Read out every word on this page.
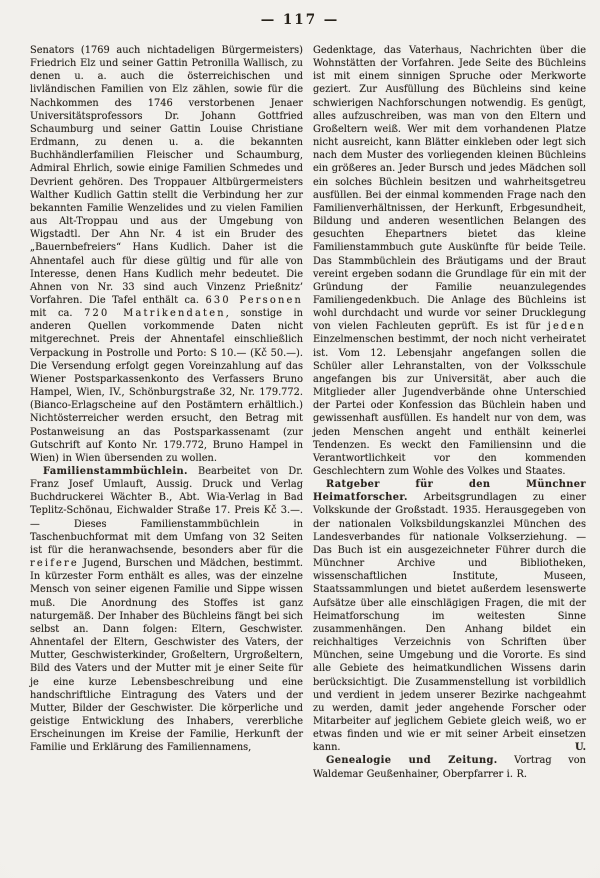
— 117 —

Senators (1769 auch nichtadeligen Bürgermeisters) Friedrich Elz und seiner Gattin Petronilla Wallisch, zu denen u. a. auch die österreichischen und livländischen Familien von Elz zählen, sowie für die Nachkommen des 1746 verstorbenen Jenaer Universitätsprofessors Dr. Johann Gottfried Schaumburg und seiner Gattin Louise Christiane Erdmann, zu denen u. a. die bekannten Buchhändlerfamilien Fleischer und Schaumburg, Admiral Ehrlich, sowie einige Familien Schmedes und Devrient gehören. Des Troppauer Altbürgermeisters Walther Kudlich Gattin stellt die Verbindung her zur bekannten Familie Wenzelides und zu vielen Familien aus Alt-Troppau und aus der Umgebung von Wigstadtl. Der Ahn Nr. 4 ist ein Bruder des „Bauernbefreiers“ Hans Kudlich. Daher ist die Ahnentafel auch für diese gültig und für alle von Interesse, denen Hans Kudlich mehr bedeutet. Die Ahnen von Nr. 33 sind auch Vinzenz Prießnitz’ Vorfahren. Die Tafel enthält ca. 630 Personen mit ca. 720 Matrikendaten, sonstige in anderen Quellen vorkommende Daten nicht mitgerechnet. Preis der Ahnentafel einschließlich Verpackung in Postrolle und Porto: S 10.— (Kč 50.—). Die Versendung erfolgt gegen Voreinzahlung auf das Wiener Postsparkassenkonto des Verfassers Bruno Hampel, Wien, IV., Schönburgstraße 32, Nr. 179.772. (Bianco-Erlagscheine auf den Postämtern erhältlich.) Nichtösterreicher werden ersucht, den Betrag mit Postanweisung an das Postsparkassenamt (zur Gutschrift auf Konto Nr. 179.772, Bruno Hampel in Wien) in Wien übersenden zu wollen.

Familienstammbüchlein. Bearbeitet von Dr. Franz Josef Umlauft, Aussig. Druck und Verlag Buchdruckerei Wächter B., Abt. Wia-Verlag in Bad Teplitz-Schönau, Eichwalder Straße 17. Preis Kč 3.—. — Dieses Familienstammbüchlein in Taschenbuchformat mit dem Umfang von 32 Seiten ist für die heranwachsende, besonders aber für die reifere Jugend, Burschen und Mädchen, bestimmt. In kürzester Form enthält es alles, was der einzelne Mensch von seiner eigenen Familie und Sippe wissen muß. Die Anordnung des Stoffes ist ganz naturgemäß. Der Inhaber des Büchleins fängt bei sich selbst an. Dann folgen: Eltern, Geschwister. Ahnentafel der Eltern, Geschwister des Vaters, der Mutter, Geschwisterkinder, Großeltern, Urgroßeltern, Bild des Vaters und der Mutter mit je einer Seite für je eine kurze Lebensbeschreibung und eine handschriftliche Eintragung des Vaters und der Mutter, Bilder der Geschwister. Die körperliche und geistige Entwicklung des Inhabers, vererbliche Erscheinungen im Kreise der Familie, Herkunft der Familie und Erklärung des Familiennamens,

Gedenktage, das Vaterhaus, Nachrichten über die Wohnstätten der Vorfahren. Jede Seite des Büchleins ist mit einem sinnigen Spruche oder Merkworte geziert. Zur Ausfüllung des Büchleins sind keine schwierigen Nachforschungen notwendig. Es genügt, alles aufzuschreiben, was man von den Eltern und Großeltern weiß. Wer mit dem vorhandenen Platze nicht ausreicht, kann Blätter einkleben oder legt sich nach dem Muster des vorliegenden kleinen Büchleins ein größeres an. Jeder Bursch und jedes Mädchen soll ein solches Büchlein besitzen und wahrheitsgetreu ausfüllen. Bei der einmal kommenden Frage nach den Familienverhältnissen, der Herkunft, Erbgesundheit, Bildung und anderen wesentlichen Belangen des gesuchten Ehepartners bietet das kleine Familienstammbuch gute Auskünfte für beide Teile. Das Stammbüchlein des Bräutigams und der Braut vereint ergeben sodann die Grundlage für ein mit der Gründung der Familie neuanzulegendes Familiengedenkbuch. Die Anlage des Büchleins ist wohl durchdacht und wurde vor seiner Drucklegung von vielen Fachleuten geprüft. Es ist für jeden Einzelmenschen bestimmt, der noch nicht verheiratet ist. Vom 12. Lebensjahr angefangen sollen die Schüler aller Lehranstalten, von der Volksschule angefangen bis zur Universität, aber auch die Mitglieder aller Jugendverbände ohne Unterschied der Partei oder Konfession das Büchlein haben und gewissenhaft ausfüllen. Es handelt nur von dem, was jeden Menschen angeht und enthält keinerlei Tendenzen. Es weckt den Familiensinn und die Verantwortlichkeit vor den kommenden Geschlechtern zum Wohle des Volkes und Staates.

Ratgeber für den Münchner Heimatforscher. Arbeitsgrundlagen zu einer Volkskunde der Großstadt. 1935. Herausgegeben von der nationalen Volksbildungskanzlei München des Landesverbandes für nationale Volkserziehung. — Das Buch ist ein ausgezeichneter Führer durch die Münchner Archive und Bibliotheken, wissenschaftlichen Institute, Museen, Staatssammlungen und bietet außerdem lesenswerte Aufsätze über alle einschlägigen Fragen, die mit der Heimatforschung im weitesten Sinne zusammenhängen. Den Anhang bildet ein reichhaltiges Verzeichnis von Schriften über München, seine Umgebung und die Vororte. Es sind alle Gebiete des heimatkundlichen Wissens darin berücksichtigt. Die Zusammenstellung ist vorbildlich und verdient in jedem unserer Bezirke nachgeahmt zu werden, damit jeder angehende Forscher oder Mitarbeiter auf jeglichem Gebiete gleich weiß, wo er etwas finden und wie er mit seiner Arbeit einsetzen kann.	U.

Genealogie und Zeitung. Vortrag von Waldemar Geußenhainer, Oberpfarrer i. R.
